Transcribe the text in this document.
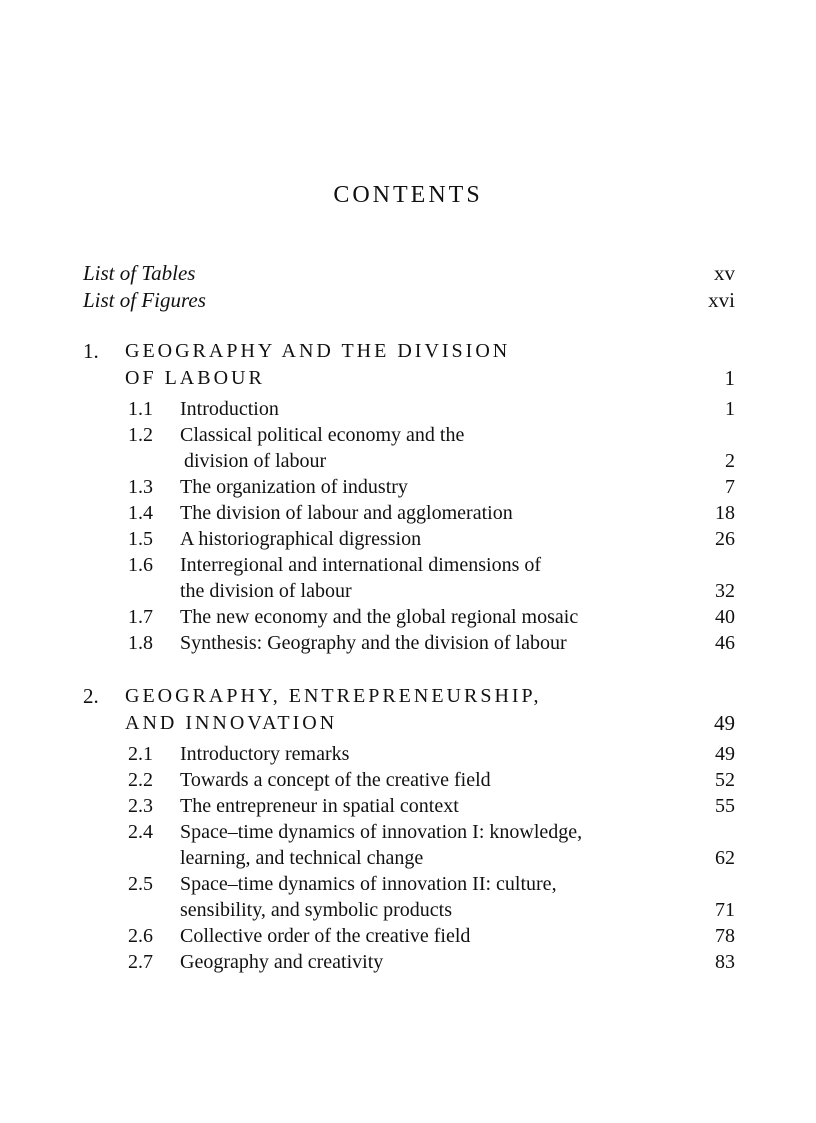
CONTENTS
List of Tables	xv
List of Figures	xvi
1. GEOGRAPHY AND THE DIVISION
OF LABOUR	1
1.1 Introduction	1
1.2 Classical political economy and the
division of labour	2
1.3 The organization of industry	7
1.4 The division of labour and agglomeration	18
1.5 A historiographical digression	26
1.6 Interregional and international dimensions of
the division of labour	32
1.7 The new economy and the global regional mosaic	40
1.8 Synthesis: Geography and the division of labour	46
2. GEOGRAPHY, ENTREPRENEURSHIP,
AND INNOVATION	49
2.1 Introductory remarks	49
2.2 Towards a concept of the creative field	52
2.3 The entrepreneur in spatial context	55
2.4 Space–time dynamics of innovation I: knowledge,
learning, and technical change	62
2.5 Space–time dynamics of innovation II: culture,
sensibility, and symbolic products	71
2.6 Collective order of the creative field	78
2.7 Geography and creativity	83
